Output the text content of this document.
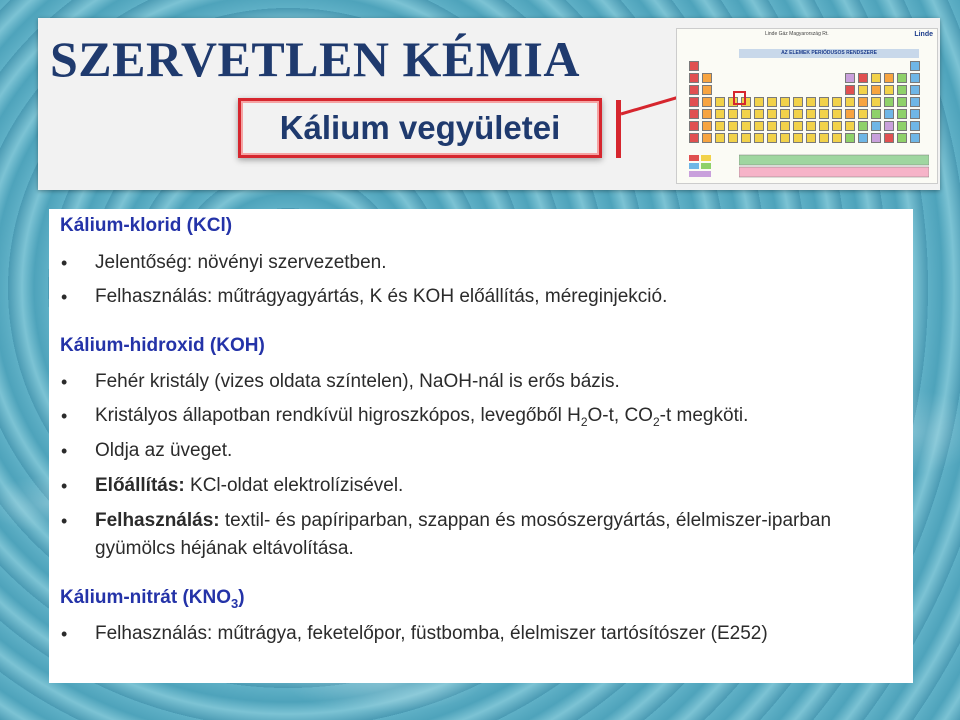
SZERVETLEN KÉMIA
Kálium vegyületei
Linde Gáz Magyarország Rt.	Linde
AZ ELEMEK PERIÓDUSOS RENDSZERE
Kálium-klorid (KCl)
• Jelentőség: növényi szervezetben.
• Felhasználás: műtrágyagyártás, K és KOH előállítás, méreginjekció.
Kálium-hidroxid (KOH)
• Fehér kristály (vizes oldata színtelen), NaOH-nál is erős bázis.
• Kristályos állapotban rendkívül higroszkópos, levegőből $H_2O-t$, $CO_2-t$ megköti.
• Oldja az üveget.
• Előállítás: KCl-oldat elektrolízisével.
• Felhasználás: textil- és papíriparban, szappan és mosószergyártás, élelmiszer-iparban gyümölcs héjának eltávolítása.
Kálium-nitrát $(KNO_3)$
• Felhasználás: műtrágya, feketelőpor, füstbomba, élelmiszer tartósítószer (E252)
